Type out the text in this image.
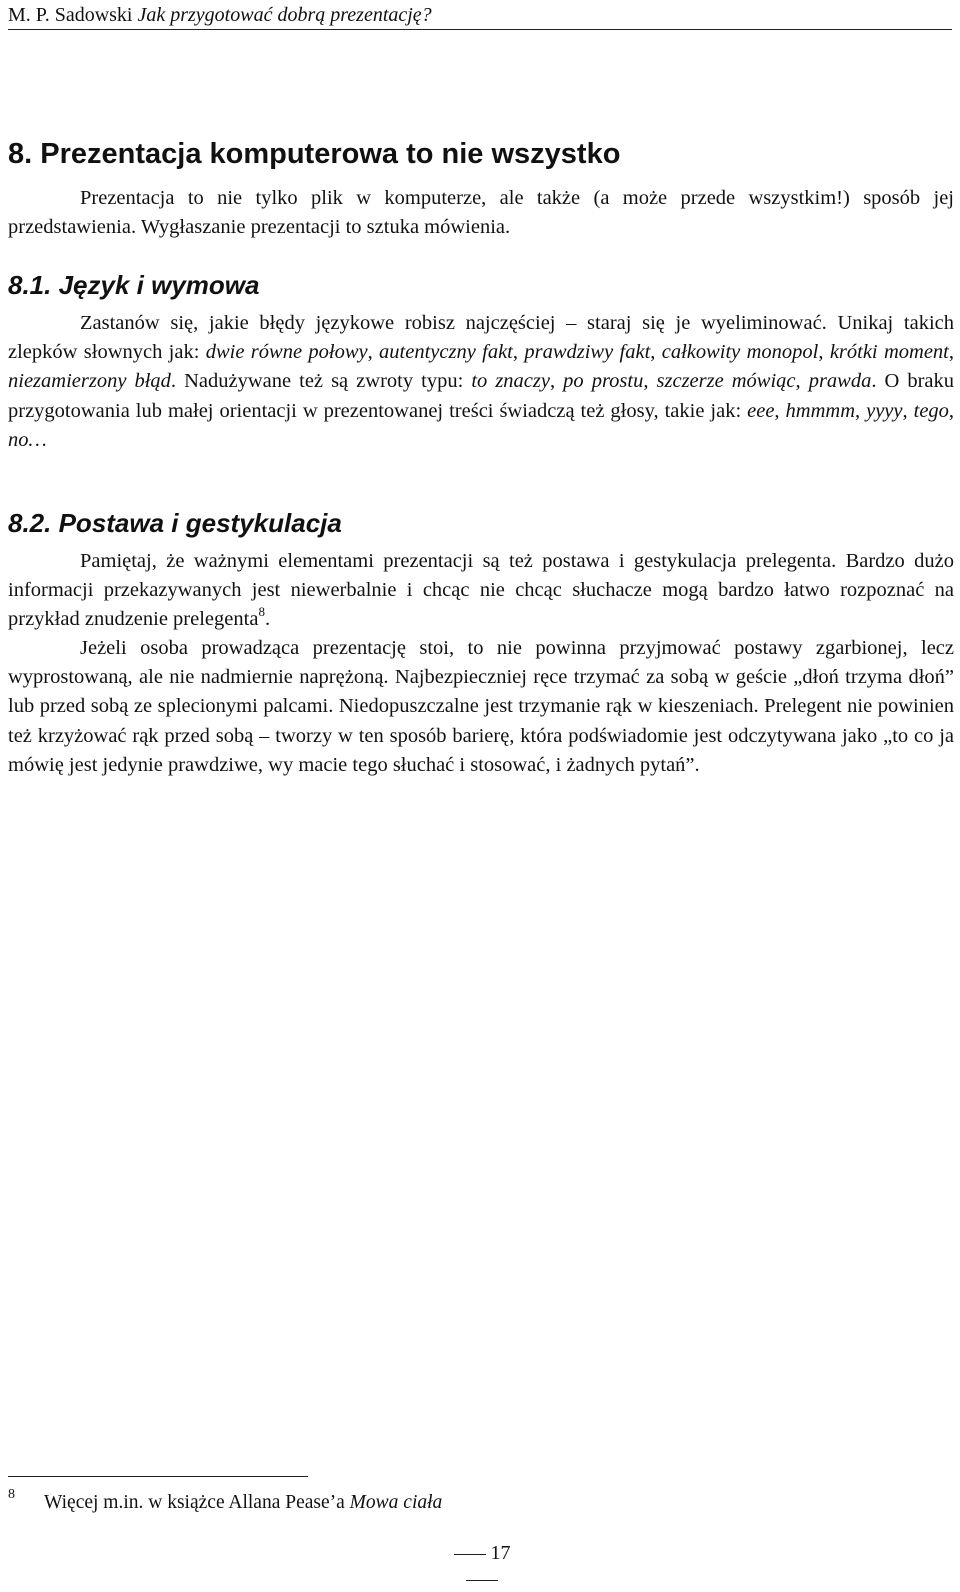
M. P. Sadowski Jak przygotować dobrą prezentację?
8. Prezentacja komputerowa to nie wszystko

Prezentacja to nie tylko plik w komputerze, ale także (a może przede wszystkim!) sposób jej przedstawienia. Wygłaszanie prezentacji to sztuka mówienia.

8.1. Język i wymowa

Zastanów się, jakie błędy językowe robisz najczęściej – staraj się je wyeliminować. Unikaj takich zlepków słownych jak: dwie równe połowy, autentyczny fakt, prawdziwy fakt, całkowity monopol, krótki moment, niezamierzony błąd. Nadużywane też są zwroty typu: to znaczy, po prostu, szczerze mówiąc, prawda. O braku przygotowania lub małej orientacji w prezentowanej treści świadczą też głosy, takie jak: eee, hmmmm, yyyy, tego, no…

8.2. Postawa i gestykulacja

Pamiętaj, że ważnymi elementami prezentacji są też postawa i gestykulacja prelegenta. Bardzo dużo informacji przekazywanych jest niewerbalnie i chcąc nie chcąc słuchacze mogą bardzo łatwo rozpoznać na przykład znudzenie prelegenta$^8$.

Jeżeli osoba prowadząca prezentację stoi, to nie powinna przyjmować postawy zgarbionej, lecz wyprostowaną, ale nie nadmiernie naprężoną. Najbezpieczniej ręce trzymać za sobą w geście „dłoń trzyma dłoń” lub przed sobą ze splecionymi palcami. Niedopuszczalne jest trzymanie rąk w kieszeniach. Prelegent nie powinien też krzyżować rąk przed sobą – tworzy w ten sposób barierę, która podświadomie jest odczytywana jako „to co ja mówię jest jedynie prawdziwe, wy macie tego słuchać i stosować, i żadnych pytań”.

8 Więcej m.in. w książce Allana Pease’a Mowa ciała
17
